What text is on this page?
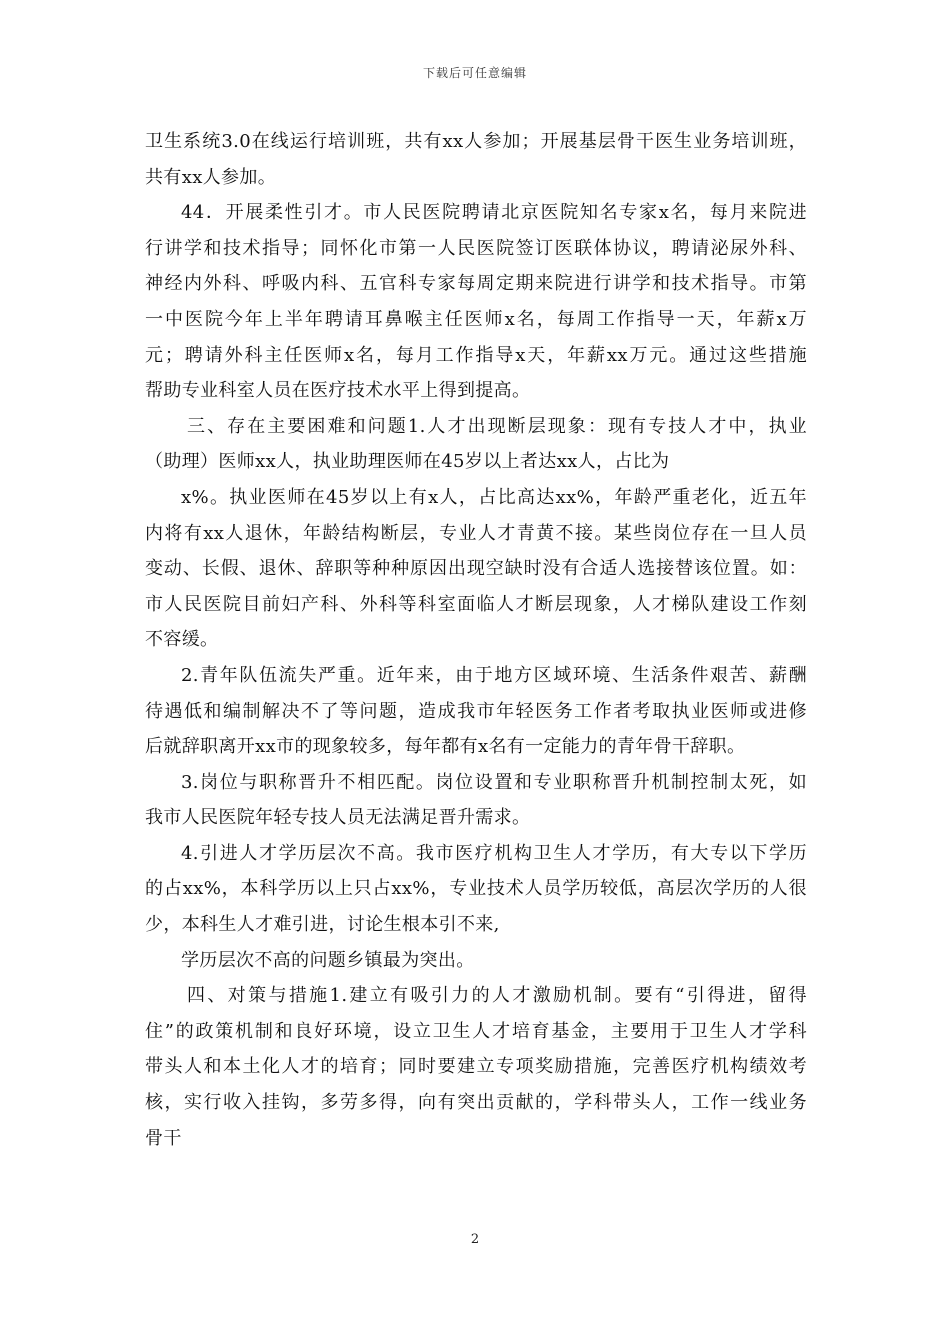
下载后可任意编辑
卫生系统3.0在线运行培训班，共有xx人参加；开展基层骨干医生业务培训班，
共有xx人参加。
44．开展柔性引才。市人民医院聘请北京医院知名专家x名，每月来院进
行讲学和技术指导；同怀化市第一人民医院签订医联体协议，聘请泌尿外科、
神经内外科、呼吸内科、五官科专家每周定期来院进行讲学和技术指导。市第
一中医院今年上半年聘请耳鼻喉主任医师x名，每周工作指导一天，年薪x万
元；聘请外科主任医师x名，每月工作指导x天，年薪xx万元。通过这些措施
帮助专业科室人员在医疗技术水平上得到提高。
三、存在主要困难和问题1.人才出现断层现象：现有专技人才中，执业
（助理）医师xx人，执业助理医师在45岁以上者达xx人，占比为
x%。执业医师在45岁以上有x人，占比高达xx%，年龄严重老化，近五年
内将有xx人退休，年龄结构断层，专业人才青黄不接。某些岗位存在一旦人员
变动、长假、退休、辞职等种种原因出现空缺时没有合适人选接替该位置。如：
市人民医院目前妇产科、外科等科室面临人才断层现象，人才梯队建设工作刻
不容缓。
2.青年队伍流失严重。近年来，由于地方区域环境、生活条件艰苦、薪酬
待遇低和编制解决不了等问题，造成我市年轻医务工作者考取执业医师或进修
后就辞职离开xx市的现象较多，每年都有x名有一定能力的青年骨干辞职。
3.岗位与职称晋升不相匹配。岗位设置和专业职称晋升机制控制太死，如
我市人民医院年轻专技人员无法满足晋升需求。
4.引进人才学历层次不高。我市医疗机构卫生人才学历，有大专以下学历
的占xx%，本科学历以上只占xx%，专业技术人员学历较低，高层次学历的人很
少，本科生人才难引进，讨论生根本引不来,
学历层次不高的问题乡镇最为突出。
四、对策与措施1.建立有吸引力的人才激励机制。要有“引得进，留得
住”的政策机制和良好环境，设立卫生人才培育基金，主要用于卫生人才学科
带头人和本土化人才的培育；同时要建立专项奖励措施，完善医疗机构绩效考
核，实行收入挂钩，多劳多得，向有突出贡献的，学科带头人，工作一线业务
骨干
2
